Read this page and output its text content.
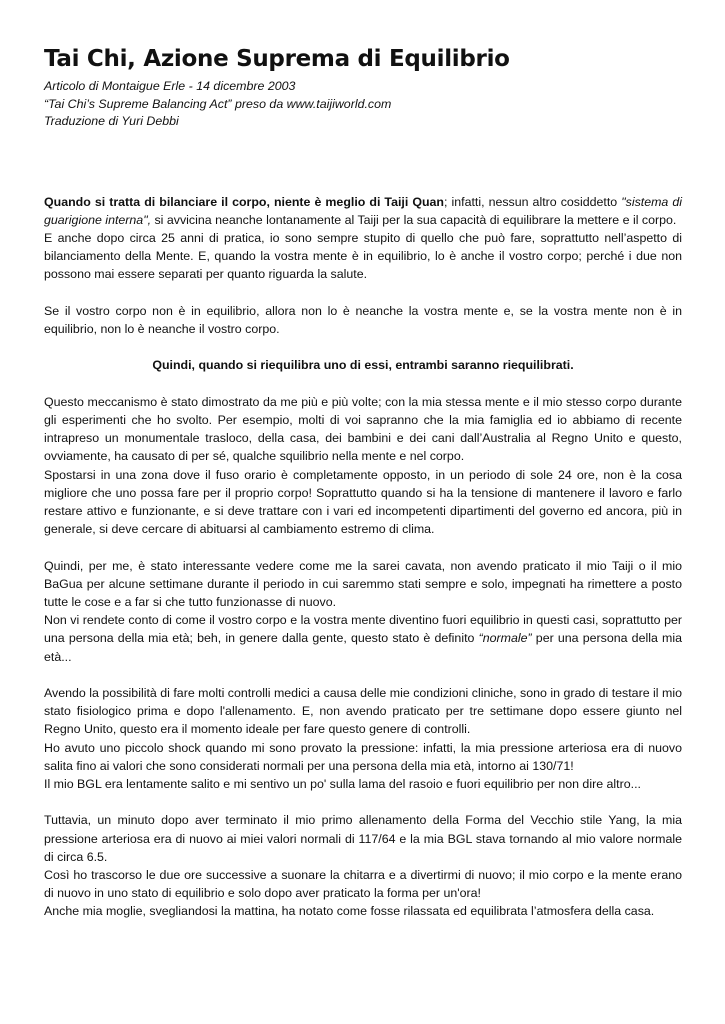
Tai Chi, Azione Suprema di Equilibrio
Articolo di Montaigue Erle - 14 dicembre 2003
“Tai Chi’s Supreme Balancing Act” preso da www.taijiworld.com
Traduzione di Yuri Debbi

Quando si tratta di bilanciare il corpo, niente è meglio di Taiji Quan; infatti, nessun altro cosiddetto "sistema di guarigione interna", si avvicina neanche lontanamente al Taiji per la sua capacità di equilibrare la mettere e il corpo.

E anche dopo circa 25 anni di pratica, io sono sempre stupito di quello che può fare, soprattutto nell’aspetto di bilanciamento della Mente. E, quando la vostra mente è in equilibrio, lo è anche il vostro corpo; perché i due non possono mai essere separati per quanto riguarda la salute.

Se il vostro corpo non è in equilibrio, allora non lo è neanche la vostra mente e, se la vostra mente non è in equilibrio, non lo è neanche il vostro corpo.

Quindi, quando si riequilibra uno di essi, entrambi saranno riequilibrati.

Questo meccanismo è stato dimostrato da me più e più volte; con la mia stessa mente e il mio stesso corpo durante gli esperimenti che ho svolto. Per esempio, molti di voi sapranno che la mia famiglia ed io abbiamo di recente intrapreso un monumentale trasloco, della casa, dei bambini e dei cani dall’Australia al Regno Unito e questo, ovviamente, ha causato di per sé, qualche squilibrio nella mente e nel corpo.

Spostarsi in una zona dove il fuso orario è completamente opposto, in un periodo di sole 24 ore, non è la cosa migliore che uno possa fare per il proprio corpo! Soprattutto quando si ha la tensione di mantenere il lavoro e farlo restare attivo e funzionante, e si deve trattare con i vari ed incompetenti dipartimenti del governo ed ancora, più in generale, si deve cercare di abituarsi al cambiamento estremo di clima.

Quindi, per me, è stato interessante vedere come me la sarei cavata, non avendo praticato il mio Taiji o il mio BaGua per alcune settimane durante il periodo in cui saremmo stati sempre e solo, impegnati ha rimettere a posto tutte le cose e a far si che tutto funzionasse di nuovo.

Non vi rendete conto di come il vostro corpo e la vostra mente diventino fuori equilibrio in questi casi, soprattutto per una persona della mia età; beh, in genere dalla gente, questo stato è definito “normale” per una persona della mia età...

Avendo la possibilità di fare molti controlli medici a causa delle mie condizioni cliniche, sono in grado di testare il mio stato fisiologico prima e dopo l'allenamento. E, non avendo praticato per tre settimane dopo essere giunto nel Regno Unito, questo era il momento ideale per fare questo genere di controlli.

Ho avuto uno piccolo shock quando mi sono provato la pressione: infatti, la mia pressione arteriosa era di nuovo salita fino ai valori che sono considerati normali per una persona della mia età, intorno ai 130/71!

Il mio BGL era lentamente salito e mi sentivo un po' sulla lama del rasoio e fuori equilibrio per non dire altro...

Tuttavia, un minuto dopo aver terminato il mio primo allenamento della Forma del Vecchio stile Yang, la mia pressione arteriosa era di nuovo ai miei valori normali di 117/64 e la mia BGL stava tornando al mio valore normale di circa 6.5.

Così ho trascorso le due ore successive a suonare la chitarra e a divertirmi di nuovo; il mio corpo e la mente erano di nuovo in uno stato di equilibrio e solo dopo aver praticato la forma per un'ora!

Anche mia moglie, svegliandosi la mattina, ha notato come fosse rilassata ed equilibrata l’atmosfera della casa.
